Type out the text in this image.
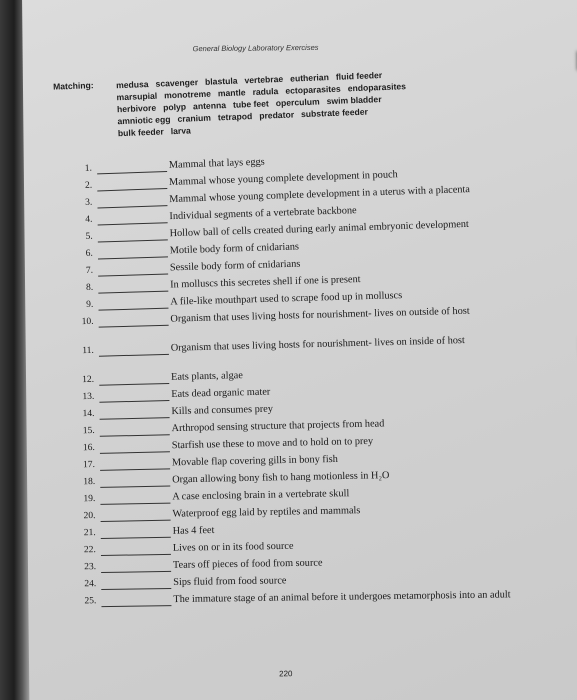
General Biology Laboratory Exercises
Matching:	medusa scavenger blastula vertebrae eutherian fluid feeder
marsupial monotreme mantle radula ectoparasites endoparasites
herbivore polyp antenna tube feet operculum swim bladder
amniotic egg cranium tetrapod predator substrate feeder
bulk feeder larva
1.	Mammal that lays eggs
2.	Mammal whose young complete development in pouch
3.	Mammal whose young complete development in a uterus with a placenta
4.	Individual segments of a vertebrate backbone
5.	Hollow ball of cells created during early animal embryonic development
6.	Motile body form of cnidarians
7.	Sessile body form of cnidarians
8.	In molluscs this secretes shell if one is present
9.	A file-like mouthpart used to scrape food up in molluscs
10.	Organism that uses living hosts for nourishment- lives on outside of host
11.	Organism that uses living hosts for nourishment- lives on inside of host
12.	Eats plants, algae
13.	Eats dead organic mater
14.	Kills and consumes prey
15.	Arthropod sensing structure that projects from head
16.	Starfish use these to move and to hold on to prey
17.	Movable flap covering gills in bony fish
18.	Organ allowing bony fish to hang motionless in H₂O
19.	A case enclosing brain in a vertebrate skull
20.	Waterproof egg laid by reptiles and mammals
21.	Has 4 feet
22.	Lives on or in its food source
23.	Tears off pieces of food from source
24.	Sips fluid from food source
25.	The immature stage of an animal before it undergoes metamorphosis into an adult
220
